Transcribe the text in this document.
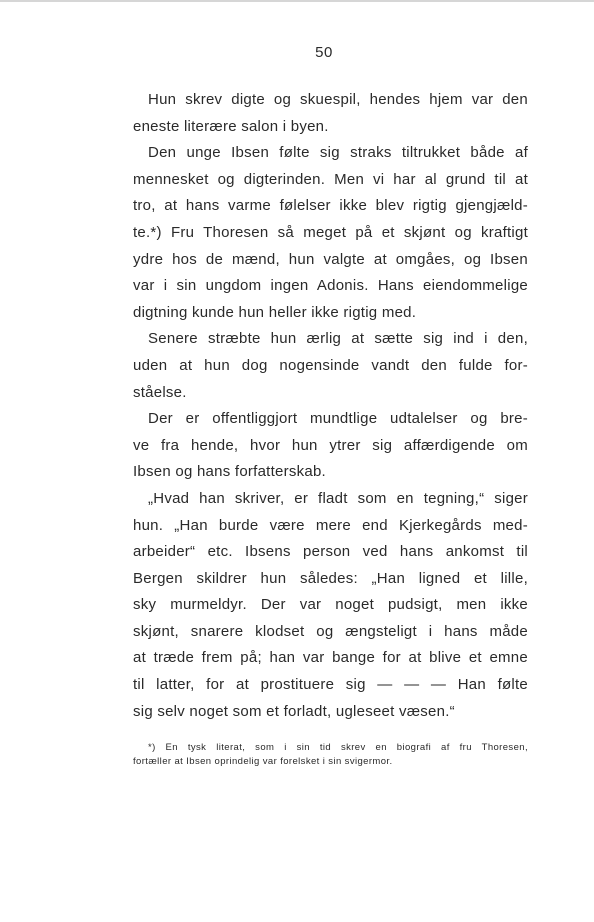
50
Hun skrev digte og skuespil, hendes hjem var den
eneste literære salon i byen.
Den unge Ibsen følte sig straks tiltrukket både af
mennesket og digterinden. Men vi har al grund til at
tro, at hans varme følelser ikke blev rigtig gjengjæld-
te.*) Fru Thoresen så meget på et skjønt og kraftigt
ydre hos de mænd, hun valgte at omgåes, og Ibsen
var i sin ungdom ingen Adonis. Hans eiendommelige
digtning kunde hun heller ikke rigtig med.
Senere stræbte hun ærlig at sætte sig ind i den,
uden at hun dog nogensinde vandt den fulde for-
ståelse.
Der er offentliggjort mundtlige udtalelser og bre-
ve fra hende, hvor hun ytrer sig affærdigende om
Ibsen og hans forfatterskab.
„Hvad han skriver, er fladt som en tegning,“ siger
hun. „Han burde være mere end Kjerkegårds med-
arbeider“ etc. Ibsens person ved hans ankomst til
Bergen skildrer hun således: „Han ligned et lille,
sky murmeldyr. Der var noget pudsigt, men ikke
skjønt, snarere klodset og ængsteligt i hans måde
at træde frem på; han var bange for at blive et emne
til latter, for at prostituere sig — — — Han følte
sig selv noget som et forladt, ugleseet væsen.“
*) En tysk literat, som i sin tid skrev en biografi af fru Thoresen,
fortæller at Ibsen oprindelig var forelsket i sin svigermor.
